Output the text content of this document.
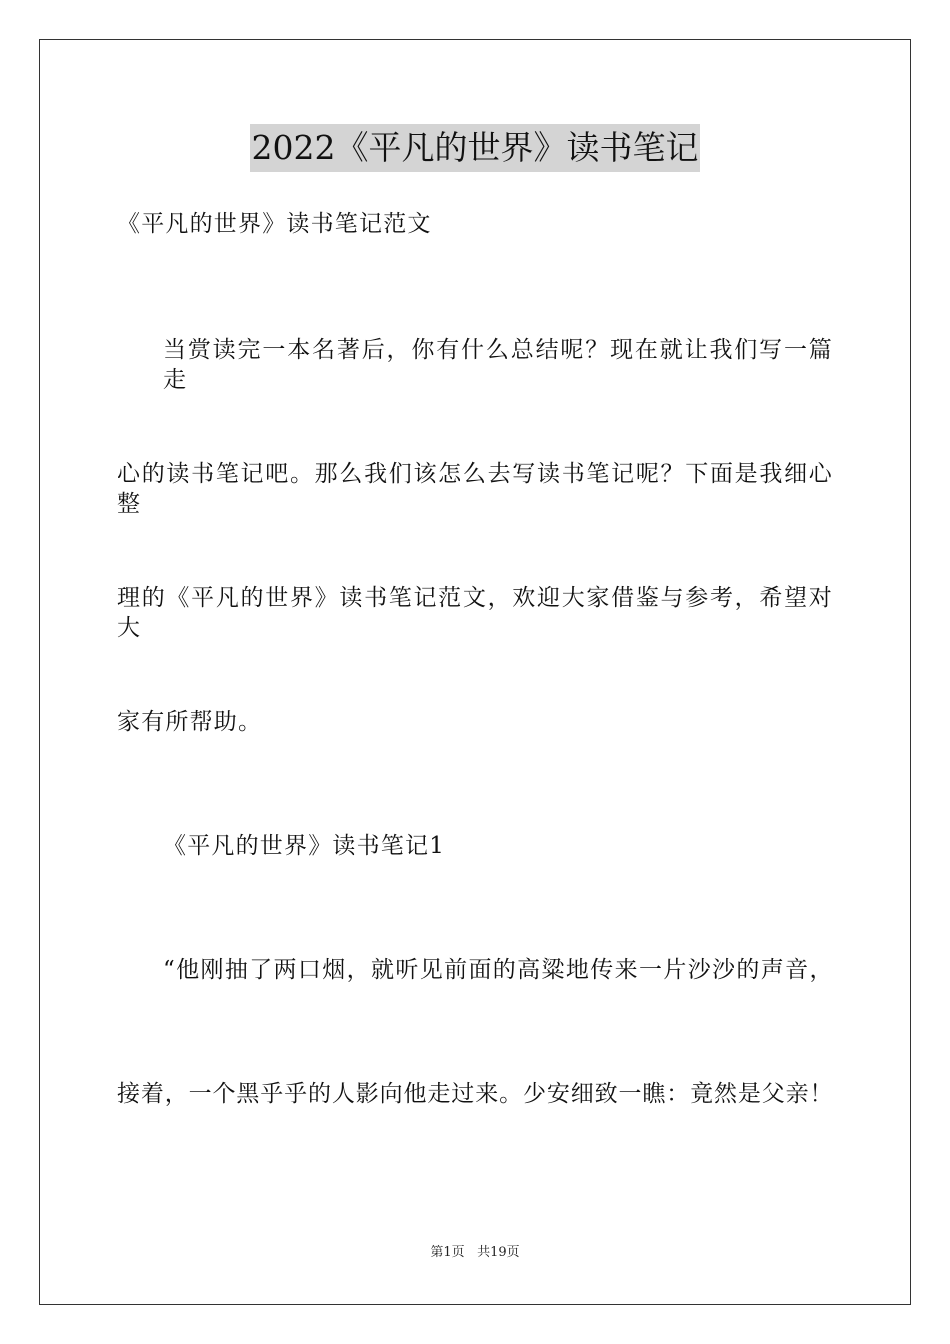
2022《平凡的世界》读书笔记
《平凡的世界》读书笔记范文
当赏读完一本名著后，你有什么总结呢？现在就让我们写一篇走
心的读书笔记吧。那么我们该怎么去写读书笔记呢？下面是我细心整
理的《平凡的世界》读书笔记范文，欢迎大家借鉴与参考，希望对大
家有所帮助。
《平凡的世界》读书笔记1
“他刚抽了两口烟，就听见前面的高粱地传来一片沙沙的声音，
接着，一个黑乎乎的人影向他走过来。少安细致一瞧：竟然是父亲！
第1页 共19页
